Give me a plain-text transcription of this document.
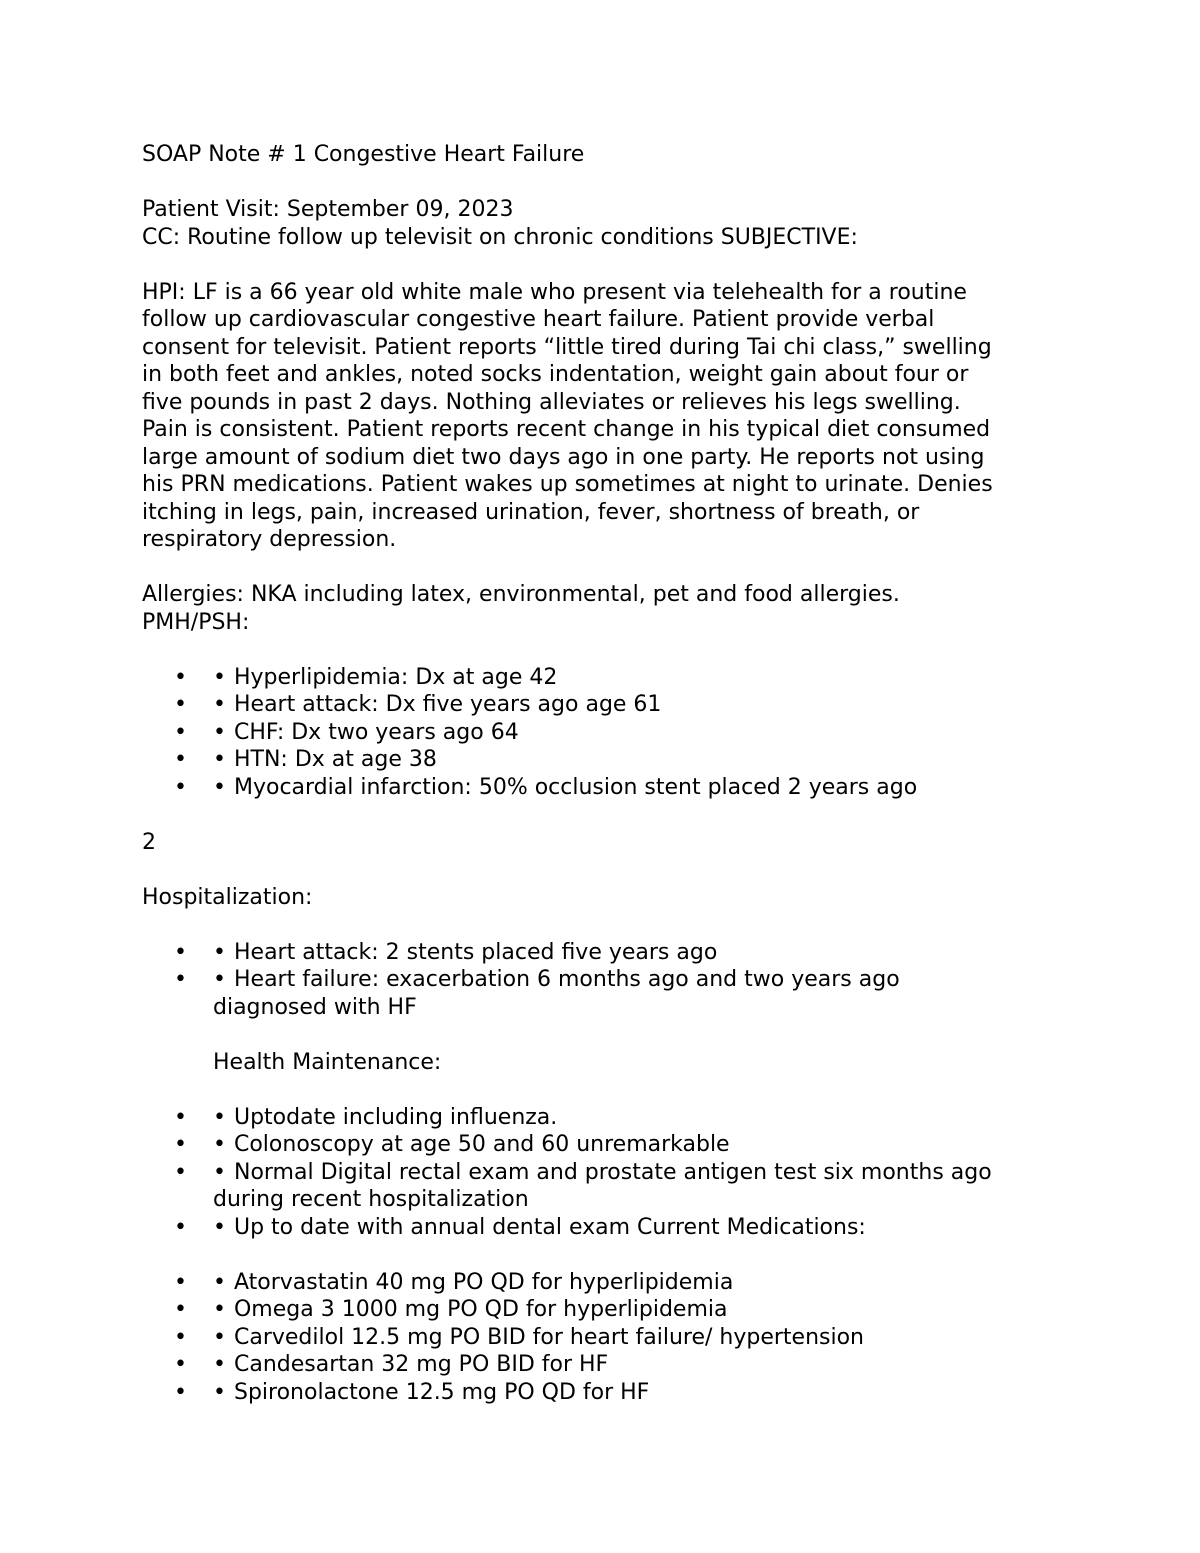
SOAP Note # 1 Congestive Heart Failure

Patient Visit: September 09, 2023

CC: Routine follow up televisit on chronic conditions SUBJECTIVE:

HPI: LF is a 66 year old white male who present via telehealth for a routine

follow up cardiovascular congestive heart failure. Patient provide verbal

consent for televisit. Patient reports “little tired during Tai chi class,” swelling

in both feet and ankles, noted socks indentation, weight gain about four or

five pounds in past 2 days. Nothing alleviates or relieves his legs swelling.

Pain is consistent. Patient reports recent change in his typical diet consumed

large amount of sodium diet two days ago in one party. He reports not using

his PRN medications. Patient wakes up sometimes at night to urinate. Denies

itching in legs, pain, increased urination, fever, shortness of breath, or

respiratory depression.

Allergies: NKA including latex, environmental, pet and food allergies.

PMH/PSH:

• • Hyperlipidemia: Dx at age 42
• • Heart attack: Dx five years ago age 61
• • CHF: Dx two years ago 64
• • HTN: Dx at age 38
• • Myocardial infarction: 50% occlusion stent placed 2 years ago

2

Hospitalization:

• • Heart attack: 2 stents placed five years ago
• • Heart failure: exacerbation 6 months ago and two years ago
diagnosed with HF

Health Maintenance:

• • Uptodate including influenza.
• • Colonoscopy at age 50 and 60 unremarkable
• • Normal Digital rectal exam and prostate antigen test six months ago
during recent hospitalization
• • Up to date with annual dental exam Current Medications:
• • Atorvastatin 40 mg PO QD for hyperlipidemia
• • Omega 3 1000 mg PO QD for hyperlipidemia
• • Carvedilol 12.5 mg PO BID for heart failure/ hypertension
• • Candesartan 32 mg PO BID for HF
• • Spironolactone 12.5 mg PO QD for HF
